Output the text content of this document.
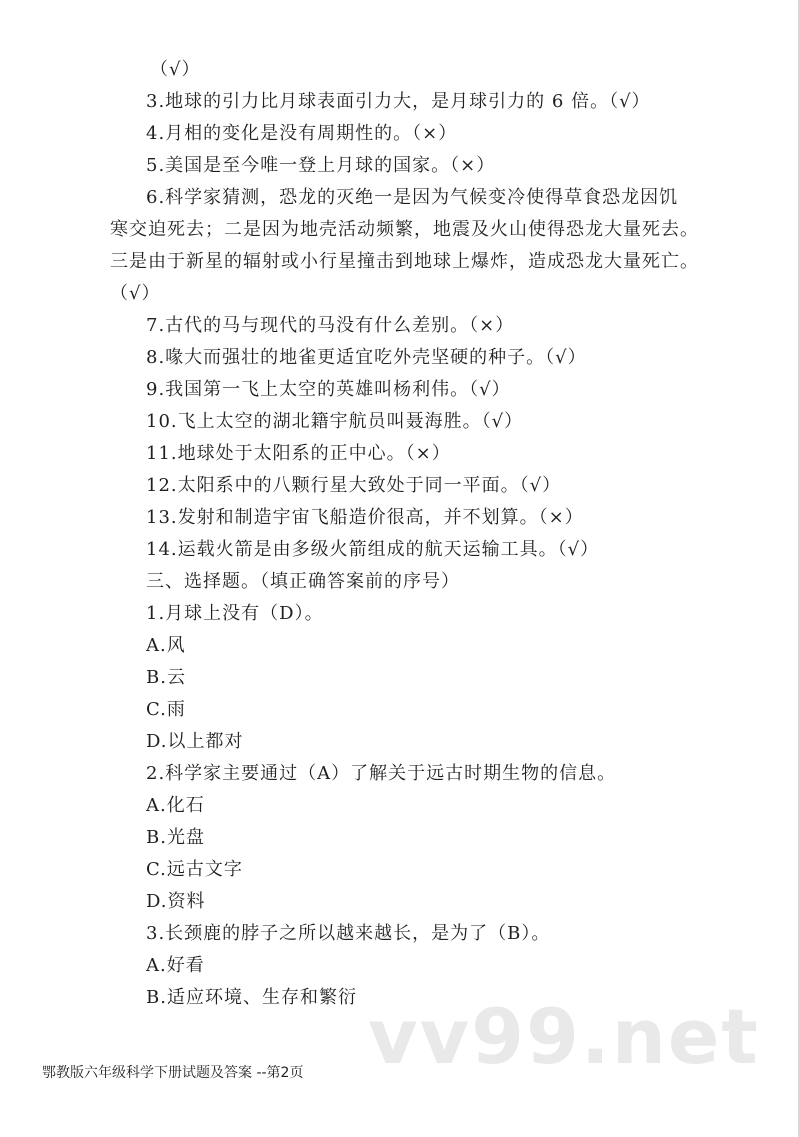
（√）
3.地球的引力比月球表面引力大，是月球引力的 6 倍。（√）
4.月相的变化是没有周期性的。（×）
5.美国是至今唯一登上月球的国家。（×）
6.科学家猜测，恐龙的灭绝一是因为气候变冷使得草食恐龙因饥
寒交迫死去；二是因为地壳活动频繁，地震及火山使得恐龙大量死去。
三是由于新星的辐射或小行星撞击到地球上爆炸，造成恐龙大量死亡。
（√）
7.古代的马与现代的马没有什么差别。（×）
8.喙大而强壮的地雀更适宜吃外壳坚硬的种子。（√）
9.我国第一飞上太空的英雄叫杨利伟。（√）
10.飞上太空的湖北籍宇航员叫聂海胜。（√）
11.地球处于太阳系的正中心。（×）
12.太阳系中的八颗行星大致处于同一平面。（√）
13.发射和制造宇宙飞船造价很高，并不划算。（×）
14.运载火箭是由多级火箭组成的航天运输工具。（√）
三、选择题。（填正确答案前的序号）
1.月球上没有（D）。
A.风
B.云
C.雨
D.以上都对
2.科学家主要通过（A）了解关于远古时期生物的信息。
A.化石
B.光盘
C.远古文字
D.资料
3.长颈鹿的脖子之所以越来越长，是为了（B）。
A.好看
B.适应环境、生存和繁衍 vv99.net
鄂教版六年级科学下册试题及答案 --第2页
